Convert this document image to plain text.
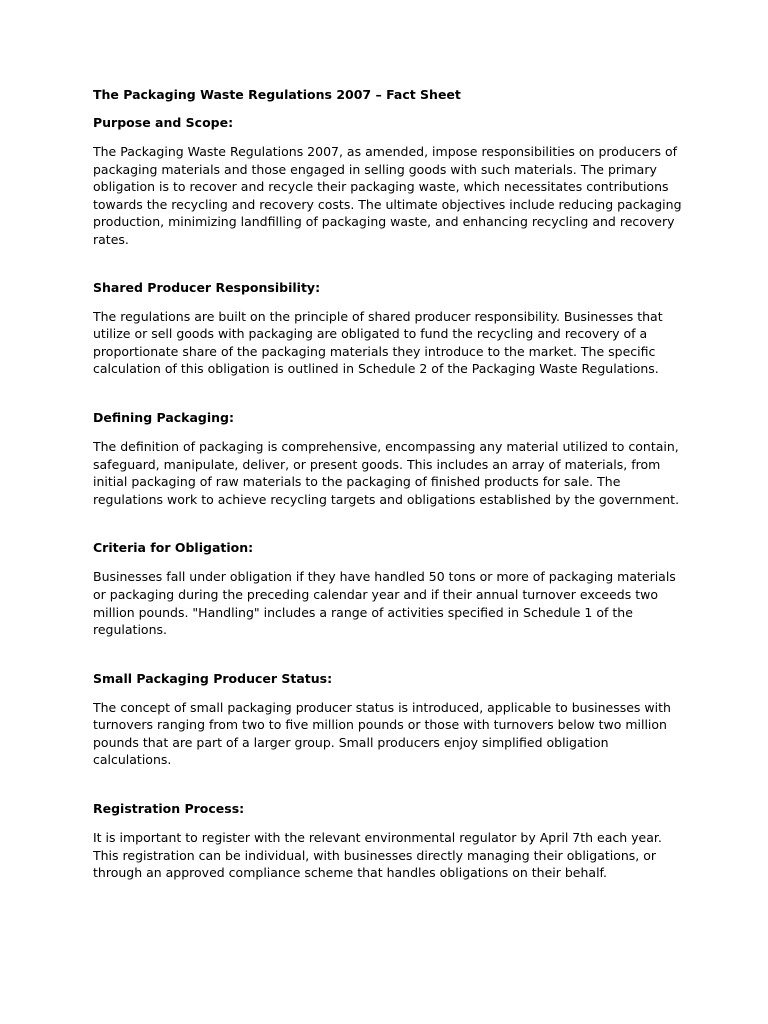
The Packaging Waste Regulations 2007 – Fact Sheet
Purpose and Scope:

The Packaging Waste Regulations 2007, as amended, impose responsibilities on producers of packaging materials and those engaged in selling goods with such materials. The primary obligation is to recover and recycle their packaging waste, which necessitates contributions towards the recycling and recovery costs. The ultimate objectives include reducing packaging production, minimizing landfilling of packaging waste, and enhancing recycling and recovery rates.

Shared Producer Responsibility:

The regulations are built on the principle of shared producer responsibility. Businesses that utilize or sell goods with packaging are obligated to fund the recycling and recovery of a proportionate share of the packaging materials they introduce to the market. The specific calculation of this obligation is outlined in Schedule 2 of the Packaging Waste Regulations.

Defining Packaging:

The definition of packaging is comprehensive, encompassing any material utilized to contain, safeguard, manipulate, deliver, or present goods. This includes an array of materials, from initial packaging of raw materials to the packaging of finished products for sale. The regulations work to achieve recycling targets and obligations established by the government.

Criteria for Obligation:

Businesses fall under obligation if they have handled 50 tons or more of packaging materials or packaging during the preceding calendar year and if their annual turnover exceeds two million pounds. "Handling" includes a range of activities specified in Schedule 1 of the regulations.

Small Packaging Producer Status:

The concept of small packaging producer status is introduced, applicable to businesses with turnovers ranging from two to five million pounds or those with turnovers below two million pounds that are part of a larger group. Small producers enjoy simplified obligation calculations.

Registration Process:

It is important to register with the relevant environmental regulator by April 7th each year. This registration can be individual, with businesses directly managing their obligations, or through an approved compliance scheme that handles obligations on their behalf.
